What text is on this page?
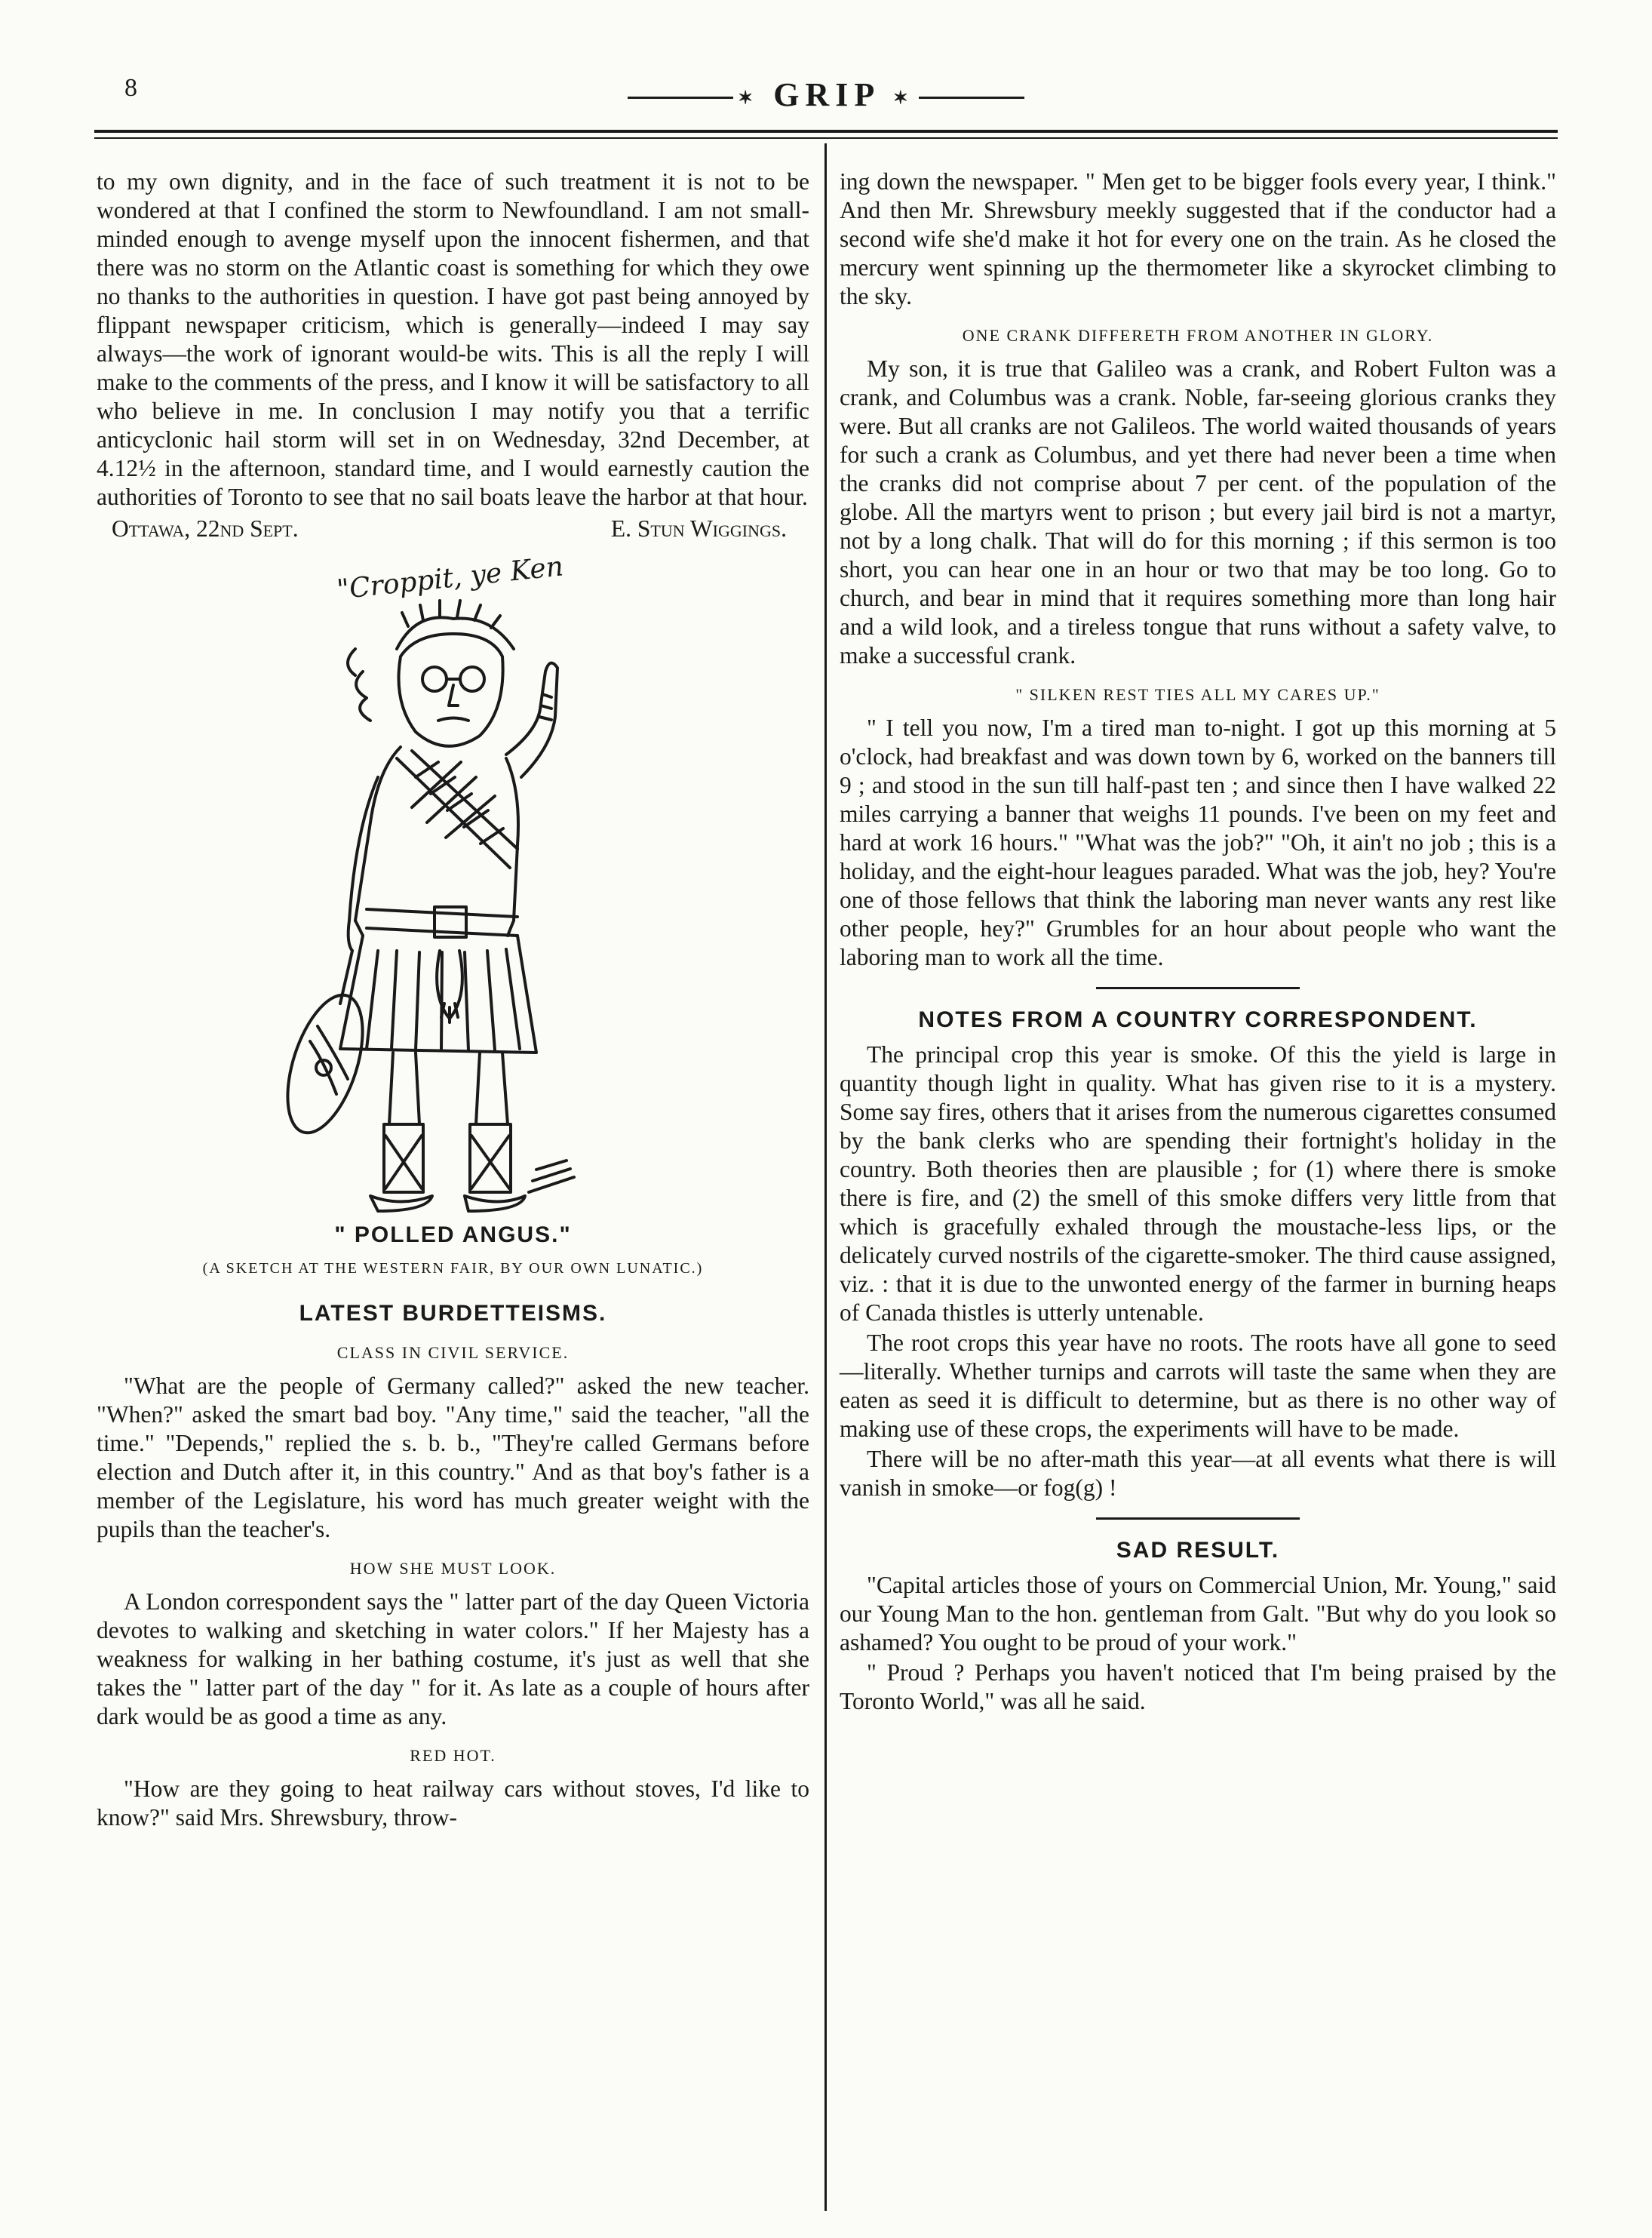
8	✶ GRIP ✶

to my own dignity, and in the face of such treatment it is not to be wondered at that I confined the storm to Newfoundland. I am not small-minded enough to avenge myself upon the innocent fishermen, and that there was no storm on the Atlantic coast is something for which they owe no thanks to the authorities in question. I have got past being annoyed by flippant newspaper criticism, which is generally—indeed I may say always—the work of ignorant would-be wits. This is all the reply I will make to the comments of the press, and I know it will be satisfactory to all who believe in me. In conclusion I may notify you that a terrific anticyclonic hail storm will set in on Wednesday, 32nd December, at 4.12½ in the afternoon, standard time, and I would earnestly caution the authorities of Toronto to see that no sail boats leave the harbor at that hour.

Ottawa, 22nd Sept.	E. Stun Wiggings.
"Croppit, ye Ken
" POLLED ANGUS."
(A SKETCH AT THE WESTERN FAIR, BY OUR OWN LUNATIC.)
LATEST BURDETTEISMS.
CLASS IN CIVIL SERVICE.

"What are the people of Germany called?" asked the new teacher. "When?" asked the smart bad boy. "Any time," said the teacher, "all the time." "Depends," replied the s. b. b., "They're called Germans before election and Dutch after it, in this country." And as that boy's father is a member of the Legislature, his word has much greater weight with the pupils than the teacher's.

HOW SHE MUST LOOK.

A London correspondent says the " latter part of the day Queen Victoria devotes to walking and sketching in water colors." If her Majesty has a weakness for walking in her bathing costume, it's just as well that she takes the " latter part of the day " for it. As late as a couple of hours after dark would be as good a time as any.

RED HOT.

"How are they going to heat railway cars without stoves, I'd like to know?" said Mrs. Shrewsbury, throw-

ing down the newspaper. " Men get to be bigger fools every year, I think." And then Mr. Shrewsbury meekly suggested that if the conductor had a second wife she'd make it hot for every one on the train. As he closed the mercury went spinning up the thermometer like a skyrocket climbing to the sky.

ONE CRANK DIFFERETH FROM ANOTHER IN GLORY.

My son, it is true that Galileo was a crank, and Robert Fulton was a crank, and Columbus was a crank. Noble, far-seeing glorious cranks they were. But all cranks are not Galileos. The world waited thousands of years for such a crank as Columbus, and yet there had never been a time when the cranks did not comprise about 7 per cent. of the population of the globe. All the martyrs went to prison ; but every jail bird is not a martyr, not by a long chalk. That will do for this morning ; if this sermon is too short, you can hear one in an hour or two that may be too long. Go to church, and bear in mind that it requires something more than long hair and a wild look, and a tireless tongue that runs without a safety valve, to make a successful crank.

" SILKEN REST TIES ALL MY CARES UP."

" I tell you now, I'm a tired man to-night. I got up this morning at 5 o'clock, had breakfast and was down town by 6, worked on the banners till 9 ; and stood in the sun till half-past ten ; and since then I have walked 22 miles carrying a banner that weighs 11 pounds. I've been on my feet and hard at work 16 hours." "What was the job?" "Oh, it ain't no job ; this is a holiday, and the eight-hour leagues paraded. What was the job, hey? You're one of those fellows that think the laboring man never wants any rest like other people, hey?" Grumbles for an hour about people who want the laboring man to work all the time.

NOTES FROM A COUNTRY CORRESPONDENT.

The principal crop this year is smoke. Of this the yield is large in quantity though light in quality. What has given rise to it is a mystery. Some say fires, others that it arises from the numerous cigarettes consumed by the bank clerks who are spending their fortnight's holiday in the country. Both theories then are plausible ; for (1) where there is smoke there is fire, and (2) the smell of this smoke differs very little from that which is gracefully exhaled through the moustache-less lips, or the delicately curved nostrils of the cigarette-smoker. The third cause assigned, viz. : that it is due to the unwonted energy of the farmer in burning heaps of Canada thistles is utterly untenable.

The root crops this year have no roots. The roots have all gone to seed—literally. Whether turnips and carrots will taste the same when they are eaten as seed it is difficult to determine, but as there is no other way of making use of these crops, the experiments will have to be made.

There will be no after-math this year—at all events what there is will vanish in smoke—or fog(g) !

SAD RESULT.

"Capital articles those of yours on Commercial Union, Mr. Young," said our Young Man to the hon. gentleman from Galt. "But why do you look so ashamed? You ought to be proud of your work."

" Proud ? Perhaps you haven't noticed that I'm being praised by the Toronto World," was all he said.
